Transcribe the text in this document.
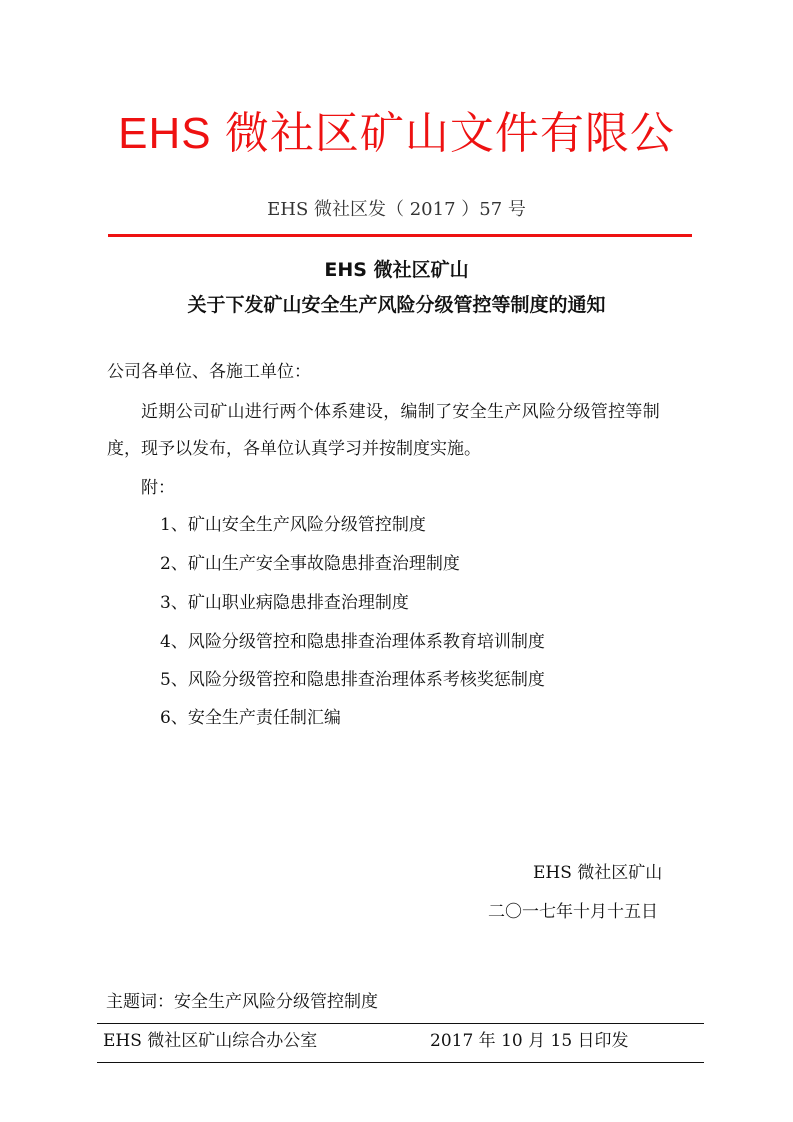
EHS 微社区矿山文件有限公
EHS 微社区发（ 2017 ）57 号
EHS 微社区矿山
关于下发矿山安全生产风险分级管控等制度的通知
公司各单位、各施工单位：
近期公司矿山进行两个体系建设，编制了安全生产风险分级管控等制
度，现予以发布，各单位认真学习并按制度实施。
附：
1、矿山安全生产风险分级管控制度
2、矿山生产安全事故隐患排查治理制度
3、矿山职业病隐患排查治理制度
4、风险分级管控和隐患排查治理体系教育培训制度
5、风险分级管控和隐患排查治理体系考核奖惩制度
6、安全生产责任制汇编
EHS 微社区矿山
二〇一七年十月十五日
主题词：安全生产风险分级管控制度
EHS 微社区矿山综合办公室	2017 年 10 月 15 日印发
